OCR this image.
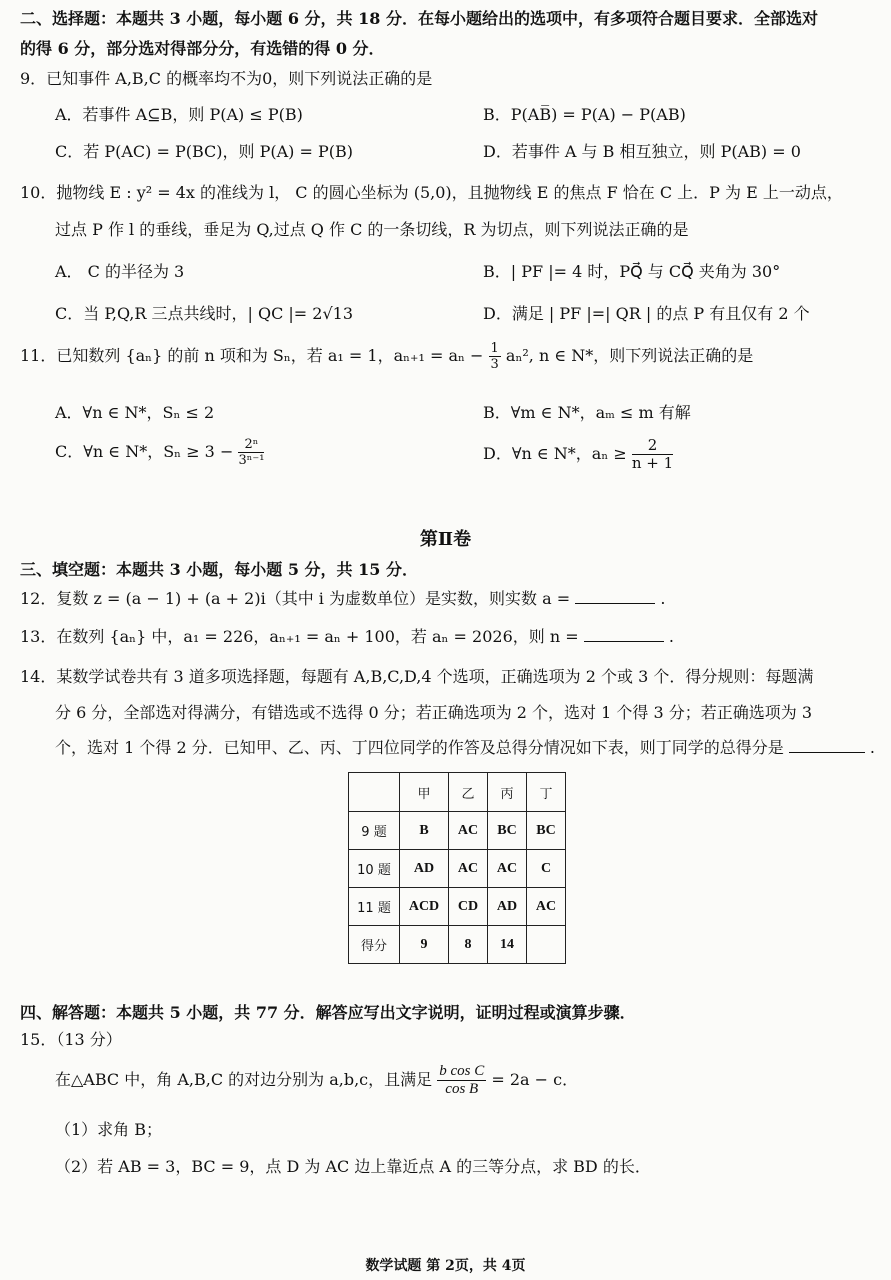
二、选择题：本题共 3 小题，每小题 6 分，共 18 分．在每小题给出的选项中，有多项符合题目要求．全部选对
的得 6 分，部分选对得部分分，有选错的得 0 分．
9．已知事件 A,B,C 的概率均不为0，则下列说法正确的是
A．若事件 A⊆B，则 P(A) ≤ P(B)	B．P(AB̅) = P(A) − P(AB)
C．若 P(AC) = P(BC)，则 P(A) = P(B)	D．若事件 A 与 B 相互独立，则 P(AB) = 0
10．抛物线 E : y² = 4x 的准线为 l， C 的圆心坐标为 (5,0)，且抛物线 E 的焦点 F 恰在 C 上．P 为 E 上一动点，
过点 P 作 l 的垂线，垂足为 Q,过点 Q 作 C 的一条切线，R 为切点，则下列说法正确的是
A． C 的半径为 3	B．| PF |= 4 时，PQ⃗ 与 CQ⃗ 夹角为 30°
C．当 P,Q,R 三点共线时，| QC |= 2√13	D．满足 | PF |=| QR | 的点 P 有且仅有 2 个
11．已知数列 {aₙ} 的前 n 项和为 Sₙ，若 a₁ = 1，$a_{n+1} = a_n - \frac{1}{3} a_n^2$, n ∈ N*，则下列说法正确的是
A．∀n ∈ N*，Sₙ ≤ 2	B．∀m ∈ N*，aₘ ≤ m 有解
C．∀n ∈ N*，$S_n \ge 3 - \frac{\text{2ⁿ}}{\text{3ⁿ⁻¹}}$	D．∀n ∈ N*，$a_n \ge \frac{2}{n + 1}$
第Ⅱ卷
三、填空题：本题共 3 小题，每小题 5 分，共 15 分．
12．复数 z = (a − 1) + (a + 2)i（其中 i 为虚数单位）是实数，则实数 a =	.
13．在数列 {aₙ} 中，a₁ = 226，aₙ₊₁ = aₙ + 100，若 aₙ = 2026，则 n =	.
14．某数学试卷共有 3 道多项选择题，每题有 A,B,C,D,4 个选项，正确选项为 2 个或 3 个．得分规则：每题满
分 6 分，全部选对得满分，有错选或不选得 0 分；若正确选项为 2 个，选对 1 个得 3 分；若正确选项为 3
个，选对 1 个得 2 分．已知甲、乙、丙、丁四位同学的作答及总得分情况如下表，则丁同学的总得分是	.
	甲	乙	丙	丁
9 题	B	AC	BC	BC
10 题	AD	AC	AC	C
11 题	ACD	CD	AD	AC
得分	9	8	14	
四、解答题：本题共 5 小题，共 77 分．解答应写出文字说明，证明过程或演算步骤．
15．（13 分）
在△ABC 中，角 A,B,C 的对边分别为 a,b,c，且满足 $\frac{\text{b cos C}}{\text{cos B}} = 2a - c$．
（1）求角 B；
（2）若 AB = 3，BC = 9，点 D 为 AC 边上靠近点 A 的三等分点，求 BD 的长．
数学试题 第 2页，共 4页
